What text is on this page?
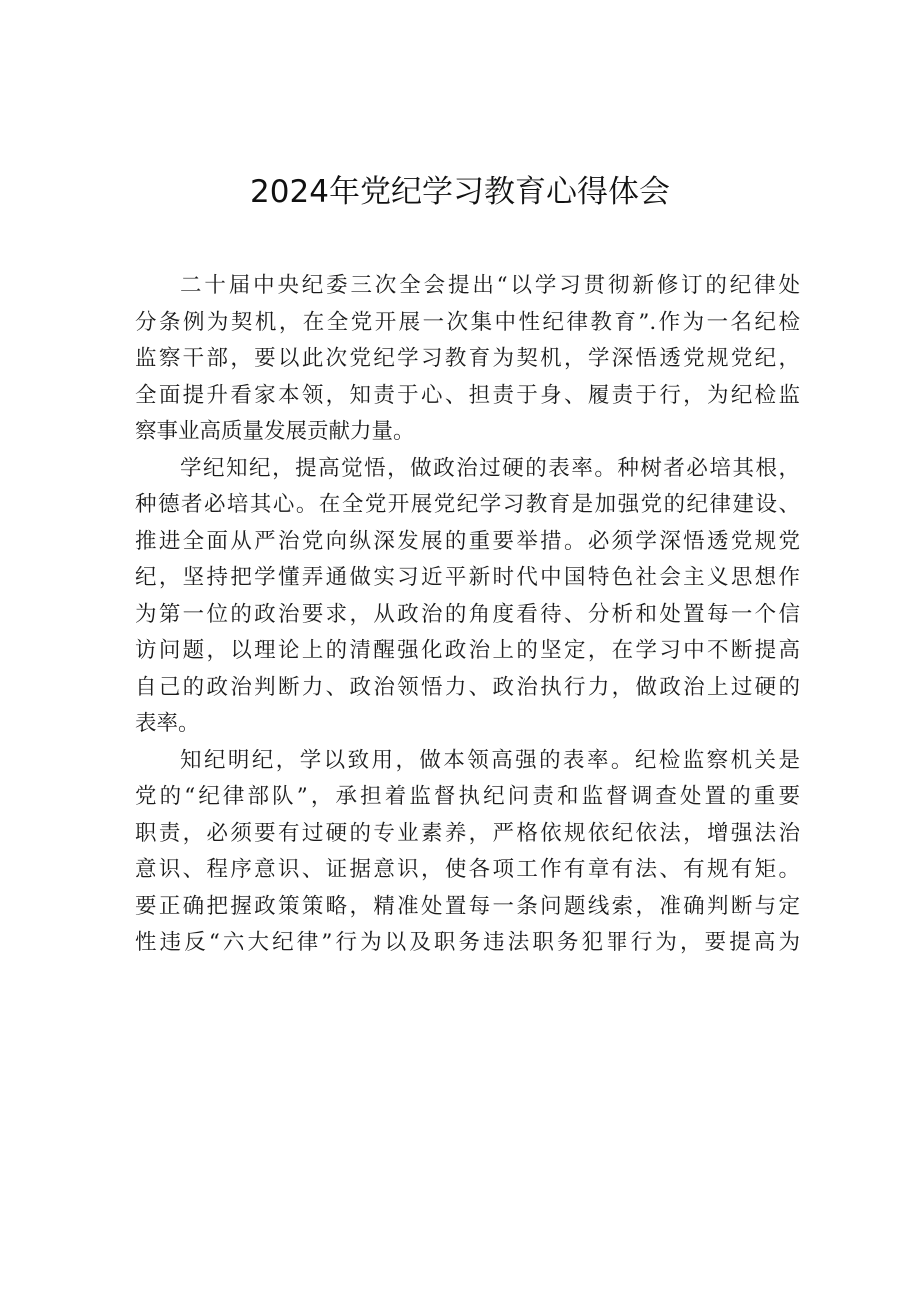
2024年党纪学习教育心得体会
二十届中央纪委三次全会提出“以学习贯彻新修订的纪律处
分条例为契机，在全党开展一次集中性纪律教育”.作为一名纪检
监察干部，要以此次党纪学习教育为契机，学深悟透党规党纪，
全面提升看家本领，知责于心、担责于身、履责于行，为纪检监
察事业高质量发展贡献力量。
学纪知纪，提高觉悟，做政治过硬的表率。种树者必培其根，
种德者必培其心。在全党开展党纪学习教育是加强党的纪律建设、
推进全面从严治党向纵深发展的重要举措。必须学深悟透党规党
纪，坚持把学懂弄通做实习近平新时代中国特色社会主义思想作
为第一位的政治要求，从政治的角度看待、分析和处置每一个信
访问题，以理论上的清醒强化政治上的坚定，在学习中不断提高
自己的政治判断力、政治领悟力、政治执行力，做政治上过硬的
表率。
知纪明纪，学以致用，做本领高强的表率。纪检监察机关是
党的“纪律部队”，承担着监督执纪问责和监督调查处置的重要
职责，必须要有过硬的专业素养，严格依规依纪依法，增强法治
意识、程序意识、证据意识，使各项工作有章有法、有规有矩。
要正确把握政策策略，精准处置每一条问题线索，准确判断与定
性违反“六大纪律”行为以及职务违法职务犯罪行为，要提高为
